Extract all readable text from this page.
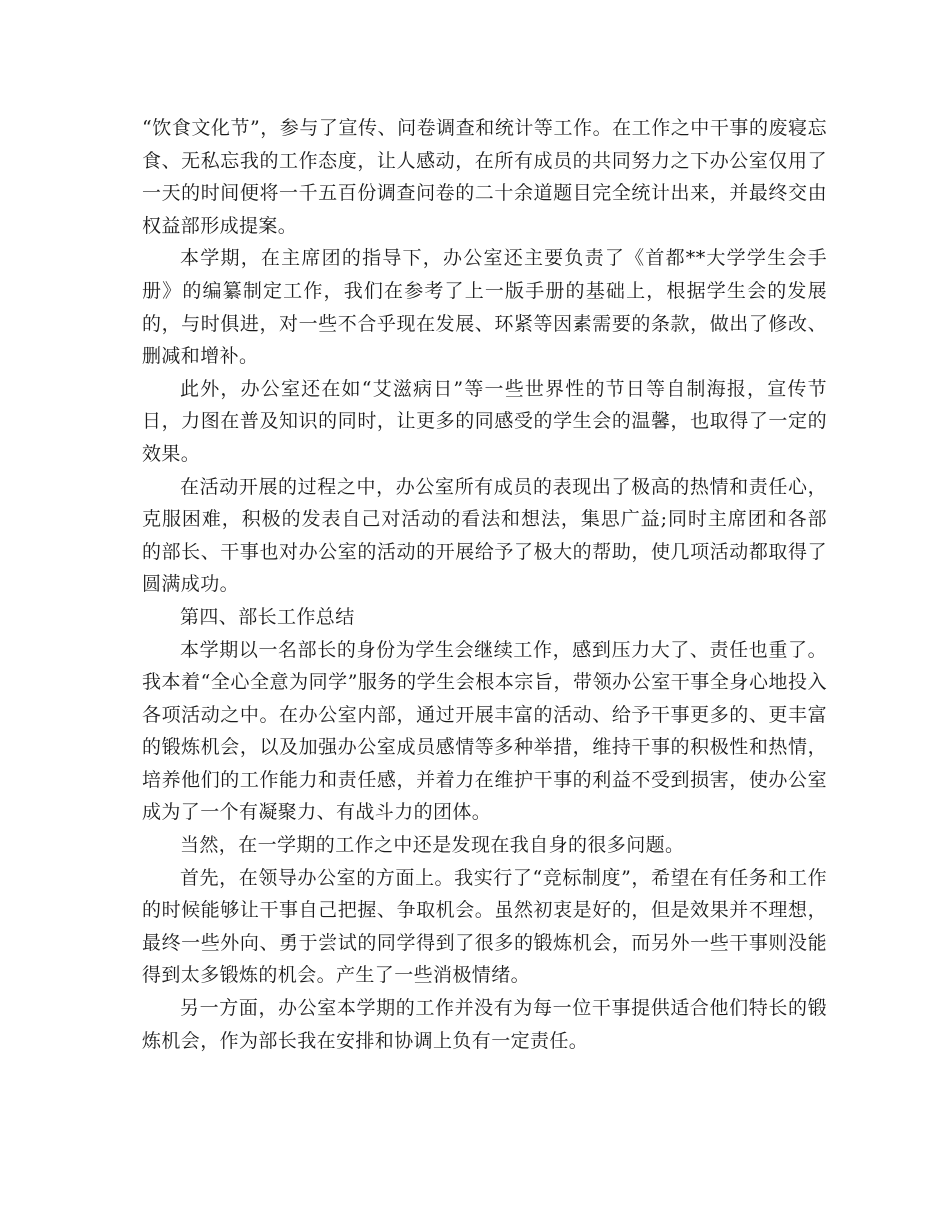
“饮食文化节”，参与了宣传、问卷调查和统计等工作。在工作之中干事的废寝忘食、无私忘我的工作态度，让人感动，在所有成员的共同努力之下办公室仅用了一天的时间便将一千五百份调查问卷的二十余道题目完全统计出来，并最终交由权益部形成提案。

本学期，在主席团的指导下，办公室还主要负责了《首都**大学学生会手册》的编纂制定工作，我们在参考了上一版手册的基础上，根据学生会的发展的，与时俱进，对一些不合乎现在发展、环紧等因素需要的条款，做出了修改、删减和增补。

此外，办公室还在如“艾滋病日”等一些世界性的节日等自制海报，宣传节日，力图在普及知识的同时，让更多的同感受的学生会的温馨，也取得了一定的效果。

在活动开展的过程之中，办公室所有成员的表现出了极高的热情和责任心，克服困难，积极的发表自己对活动的看法和想法，集思广益;同时主席团和各部的部长、干事也对办公室的活动的开展给予了极大的帮助，使几项活动都取得了圆满成功。

第四、部长工作总结

本学期以一名部长的身份为学生会继续工作，感到压力大了、责任也重了。我本着“全心全意为同学”服务的学生会根本宗旨，带领办公室干事全身心地投入各项活动之中。在办公室内部，通过开展丰富的活动、给予干事更多的、更丰富的锻炼机会，以及加强办公室成员感情等多种举措，维持干事的积极性和热情，培养他们的工作能力和责任感，并着力在维护干事的利益不受到损害，使办公室成为了一个有凝聚力、有战斗力的团体。

当然，在一学期的工作之中还是发现在我自身的很多问题。

首先，在领导办公室的方面上。我实行了“竞标制度”，希望在有任务和工作的时候能够让干事自己把握、争取机会。虽然初衷是好的，但是效果并不理想，最终一些外向、勇于尝试的同学得到了很多的锻炼机会，而另外一些干事则没能得到太多锻炼的机会。产生了一些消极情绪。

另一方面，办公室本学期的工作并没有为每一位干事提供适合他们特长的锻炼机会，作为部长我在安排和协调上负有一定责任。
